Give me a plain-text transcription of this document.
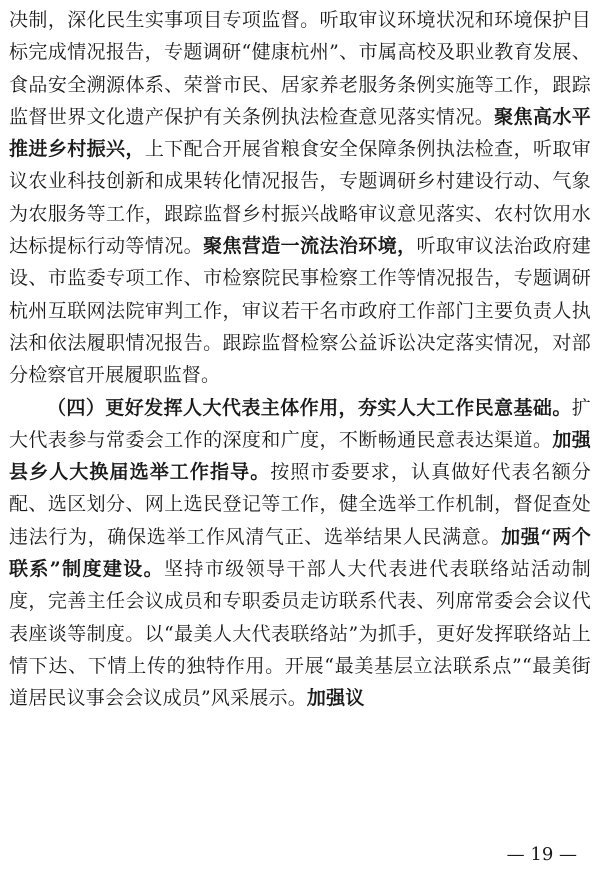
决制，深化民生实事项目专项监督。听取审议环境状况和环境保护目标完成情况报告，专题调研“健康杭州”、市属高校及职业教育发展、食品安全溯源体系、荣誉市民、居家养老服务条例实施等工作，跟踪监督世界文化遗产保护有关条例执法检查意见落实情况。聚焦高水平推进乡村振兴，上下配合开展省粮食安全保障条例执法检查，听取审议农业科技创新和成果转化情况报告，专题调研乡村建设行动、气象为农服务等工作，跟踪监督乡村振兴战略审议意见落实、农村饮用水达标提标行动等情况。聚焦营造一流法治环境，听取审议法治政府建设、市监委专项工作、市检察院民事检察工作等情况报告，专题调研杭州互联网法院审判工作，审议若干名市政府工作部门主要负责人执法和依法履职情况报告。跟踪监督检察公益诉讼决定落实情况，对部分检察官开展履职监督。

（四）更好发挥人大代表主体作用，夯实人大工作民意基础。扩大代表参与常委会工作的深度和广度，不断畅通民意表达渠道。加强县乡人大换届选举工作指导。按照市委要求，认真做好代表名额分配、选区划分、网上选民登记等工作，健全选举工作机制，督促查处违法行为，确保选举工作风清气正、选举结果人民满意。加强“两个联系”制度建设。坚持市级领导干部人大代表进代表联络站活动制度，完善主任会议成员和专职委员走访联系代表、列席常委会会议代表座谈等制度。以“最美人大代表联络站”为抓手，更好发挥联络站上情下达、下情上传的独特作用。开展“最美基层立法联系点”“最美街道居民议事会会议成员”风采展示。加强议

— 19 —
